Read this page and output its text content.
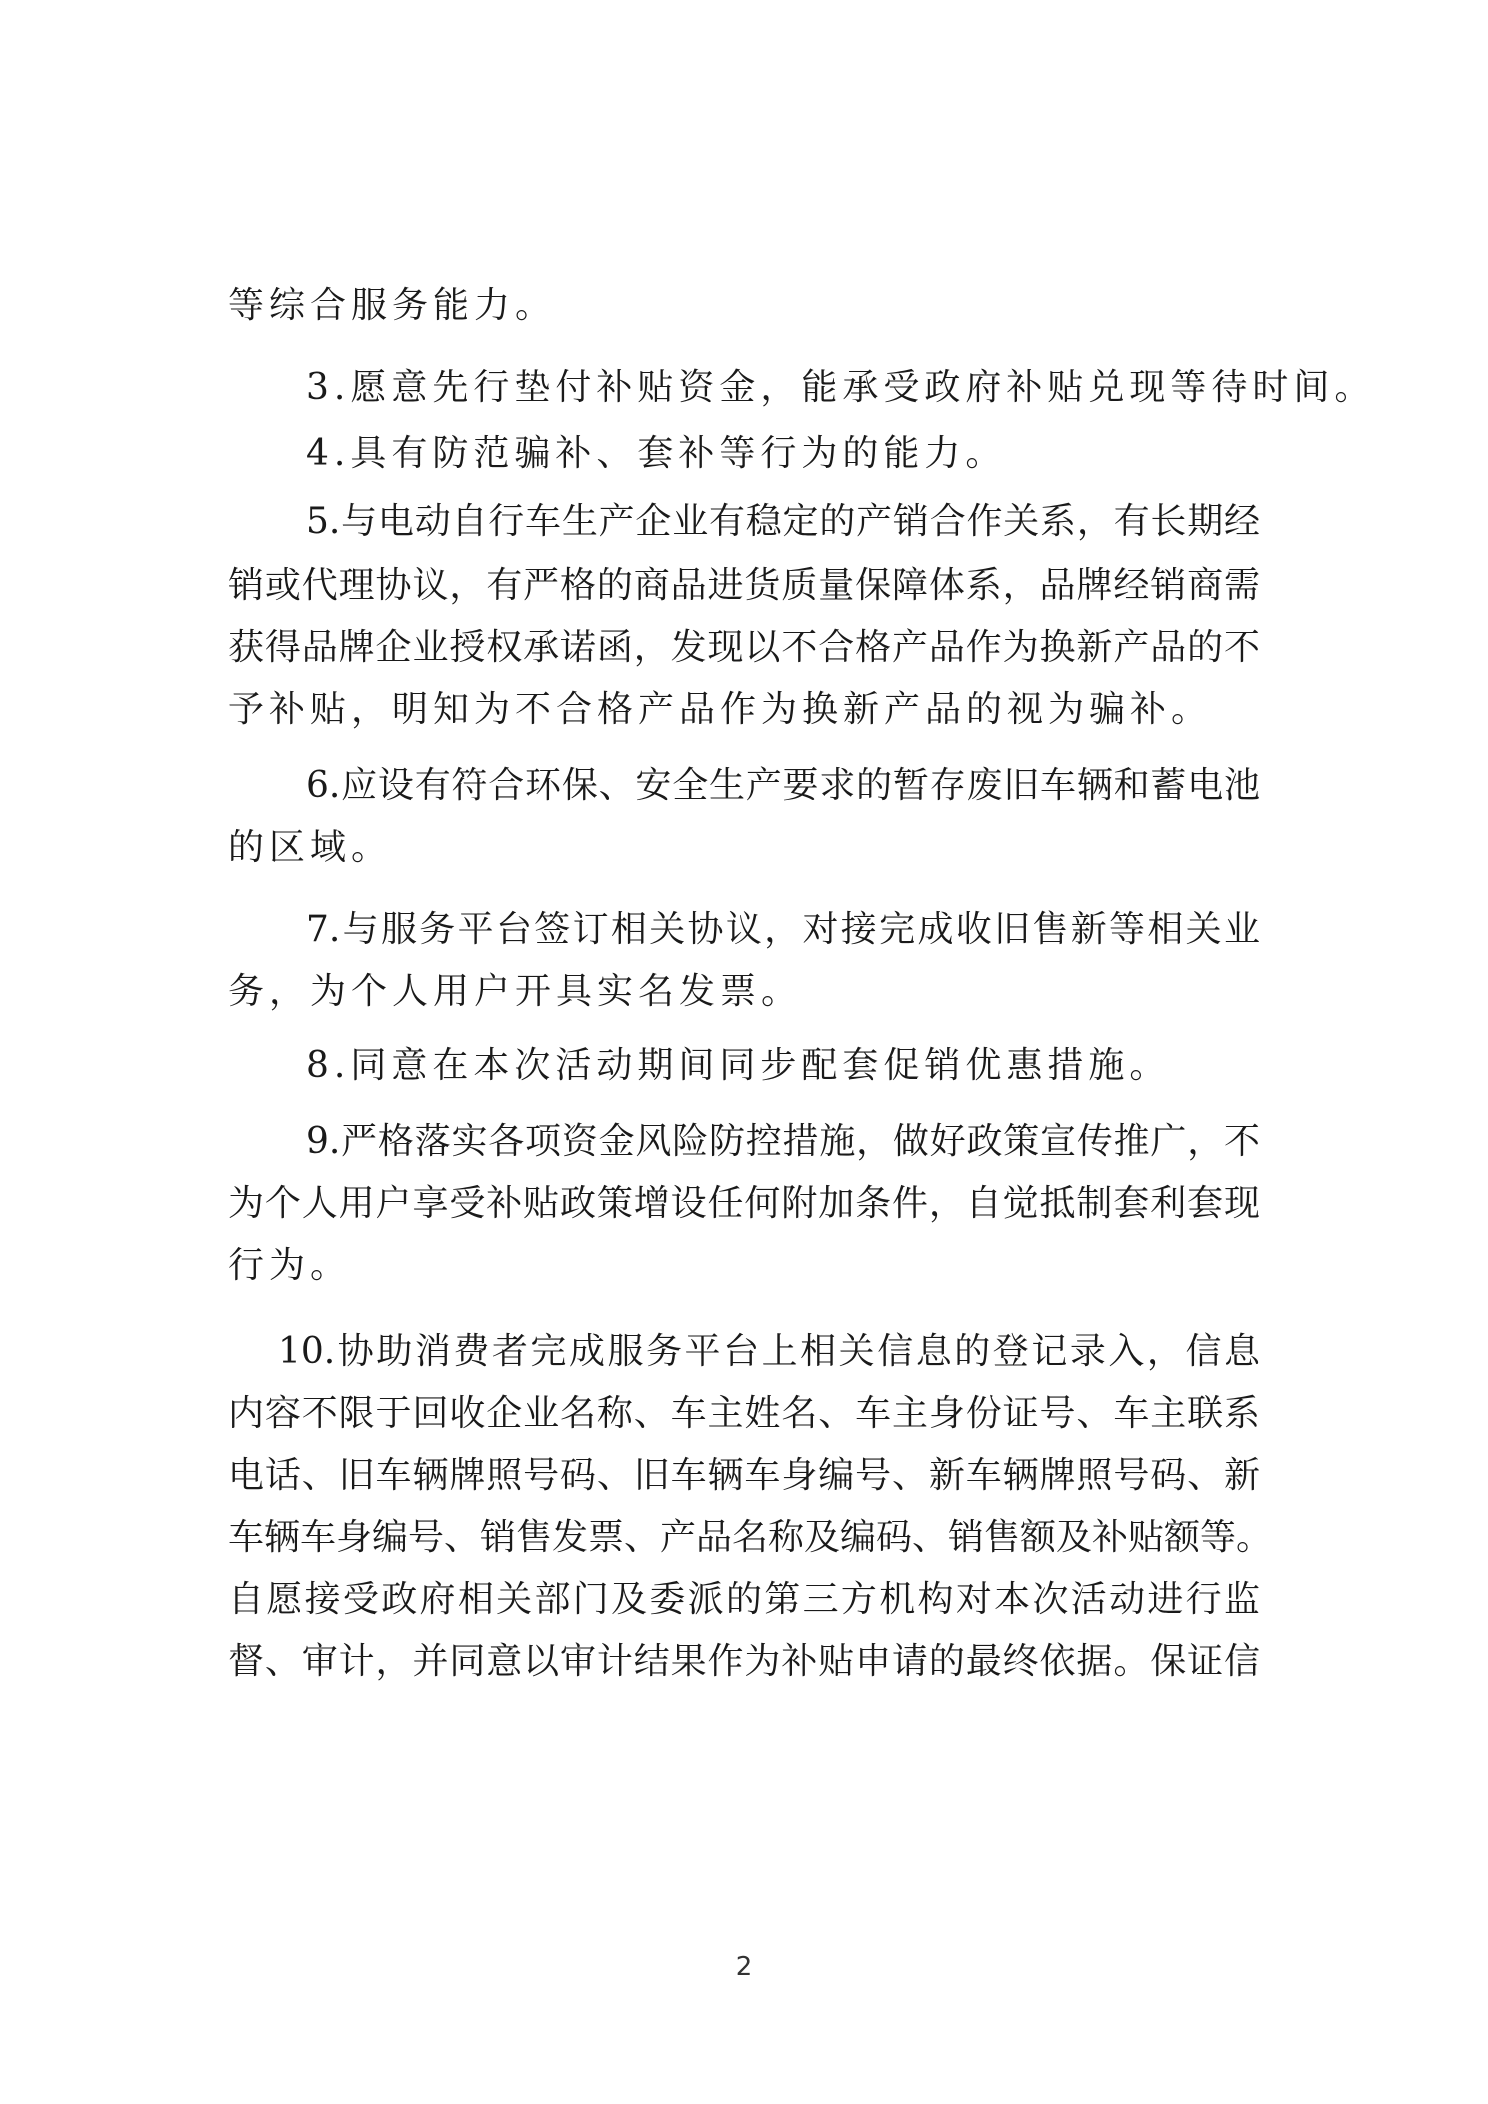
等综合服务能力。
3.愿意先行垫付补贴资金，能承受政府补贴兑现等待时间。
4.具有防范骗补、套补等行为的能力。
5.与电动自行车生产企业有稳定的产销合作关系，有长期经
销或代理协议，有严格的商品进货质量保障体系，品牌经销商需
获得品牌企业授权承诺函，发现以不合格产品作为换新产品的不
予补贴，明知为不合格产品作为换新产品的视为骗补。
6.应设有符合环保、安全生产要求的暂存废旧车辆和蓄电池
的区域。
7.与服务平台签订相关协议，对接完成收旧售新等相关业
务，为个人用户开具实名发票。
8.同意在本次活动期间同步配套促销优惠措施。
9.严格落实各项资金风险防控措施，做好政策宣传推广，不
为个人用户享受补贴政策增设任何附加条件，自觉抵制套利套现
行为。
10.协助消费者完成服务平台上相关信息的登记录入，信息
内容不限于回收企业名称、车主姓名、车主身份证号、车主联系
电话、旧车辆牌照号码、旧车辆车身编号、新车辆牌照号码、新
车辆车身编号、销售发票、产品名称及编码、销售额及补贴额等。
自愿接受政府相关部门及委派的第三方机构对本次活动进行监
督、审计，并同意以审计结果作为补贴申请的最终依据。保证信
2
